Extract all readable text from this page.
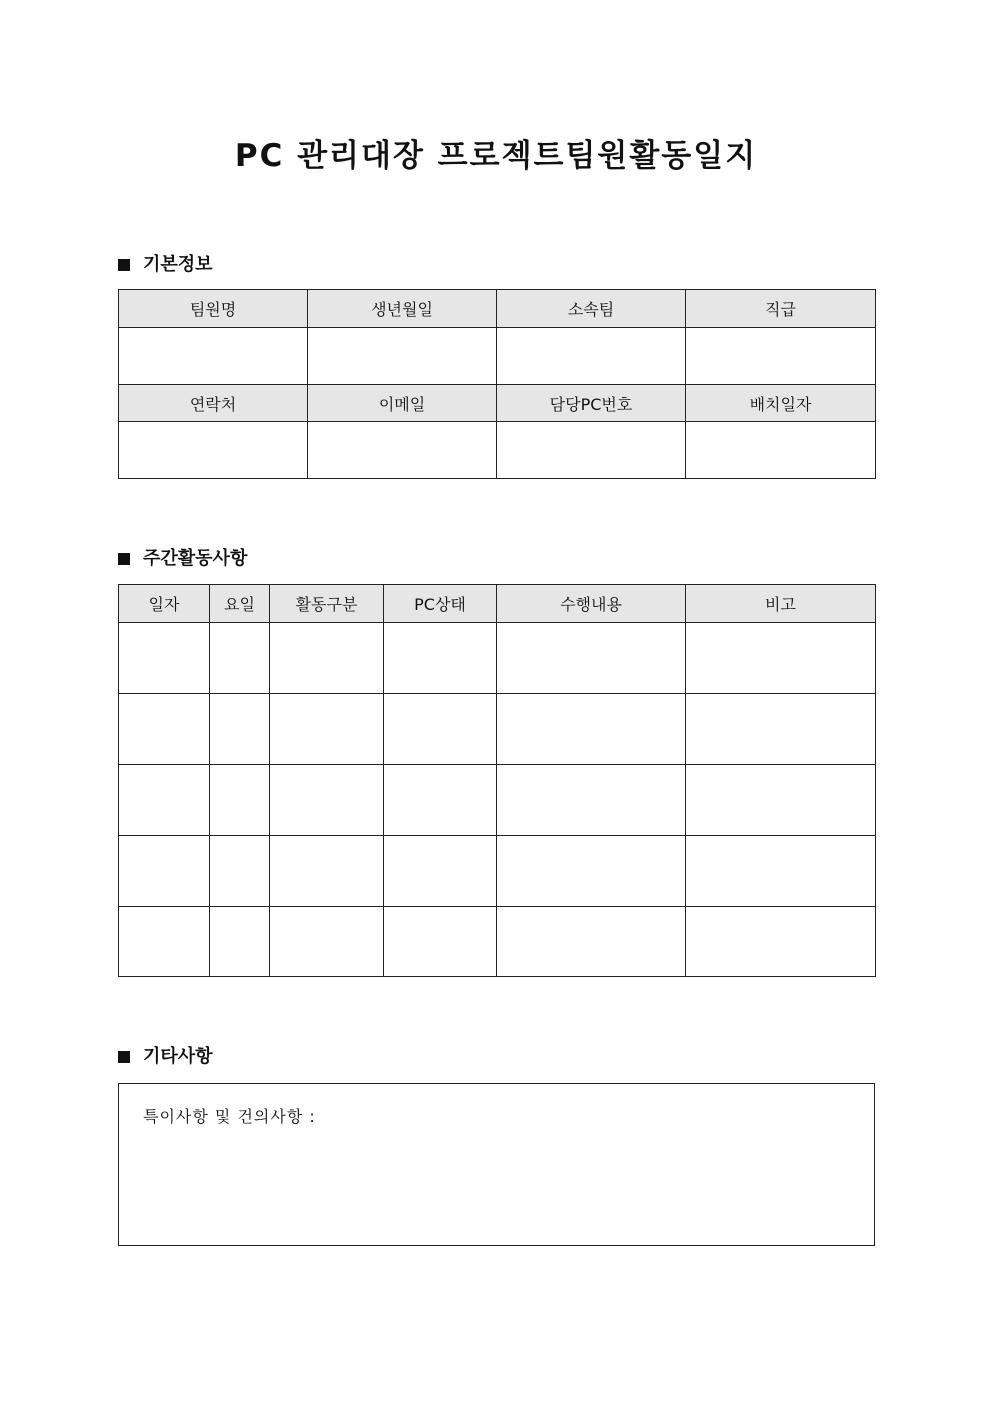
PC 관리대장 프로젝트팀원활동일지
기본정보
팀원명	생년월일	소속팀	직급

연락처	이메일	담당PC번호	배치일자

주간활동사항
일자	요일	활동구분	PC상태	수행내용	비고

기타사항
특이사항 및 건의사항 :
